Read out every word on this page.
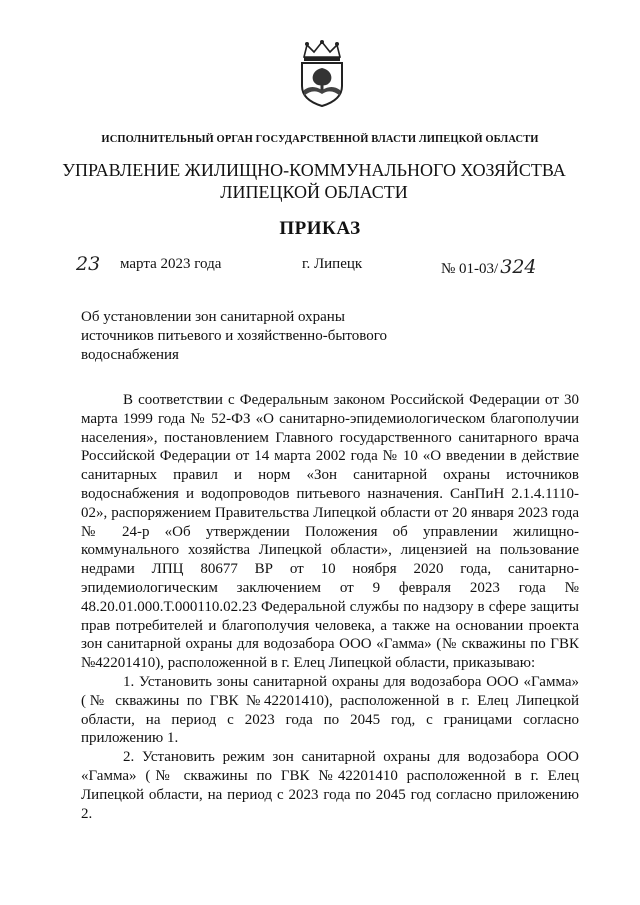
ИСПОЛНИТЕЛЬНЫЙ ОРГАН ГОСУДАРСТВЕННОЙ ВЛАСТИ ЛИПЕЦКОЙ ОБЛАСТИ
УПРАВЛЕНИЕ ЖИЛИЩНО-КОММУНАЛЬНОГО ХОЗЯЙСТВА
ЛИПЕЦКОЙ ОБЛАСТИ
ПРИКАЗ
23 марта 2023 года	г. Липецк	№ 01-03/ 324
Об установлении зон санитарной охраны
источников питьевого и хозяйственно-бытового
водоснабжения

В соответствии с Федеральным законом Российской Федерации от 30 марта 1999 года № 52-ФЗ «О санитарно-эпидемиологическом благополучии населения», постановлением Главного государственного санитарного врача Российской Федерации от 14 марта 2002 года № 10 «О введении в действие санитарных правил и норм «Зон санитарной охраны источников водоснабжения и водопроводов питьевого назначения. СанПиН 2.1.4.1110-02», распоряжением Правительства Липецкой области от 20 января 2023 года № 24-р «Об утверждении Положения об управлении жилищно-коммунального хозяйства Липецкой области», лицензией на пользование недрами ЛПЦ 80677 ВР от 10 ноября 2020 года, санитарно-эпидемиологическим заключением от 9 февраля 2023 года № 48.20.01.000.Т.000110.02.23 Федеральной службы по надзору в сфере защиты прав потребителей и благополучия человека, а также на основании проекта зон санитарной охраны для водозабора ООО «Гамма» (№ скважины по ГВК №42201410), расположенной в г. Елец Липецкой области, приказываю:

1. Установить зоны санитарной охраны для водозабора ООО «Гамма» (№ скважины по ГВК №42201410), расположенной в г. Елец Липецкой области, на период с 2023 года по 2045 год, с границами согласно приложению 1.

2. Установить режим зон санитарной охраны для водозабора ООО «Гамма» (№ скважины по ГВК №42201410 расположенной в г. Елец Липецкой области, на период с 2023 года по 2045 год согласно приложению 2.
